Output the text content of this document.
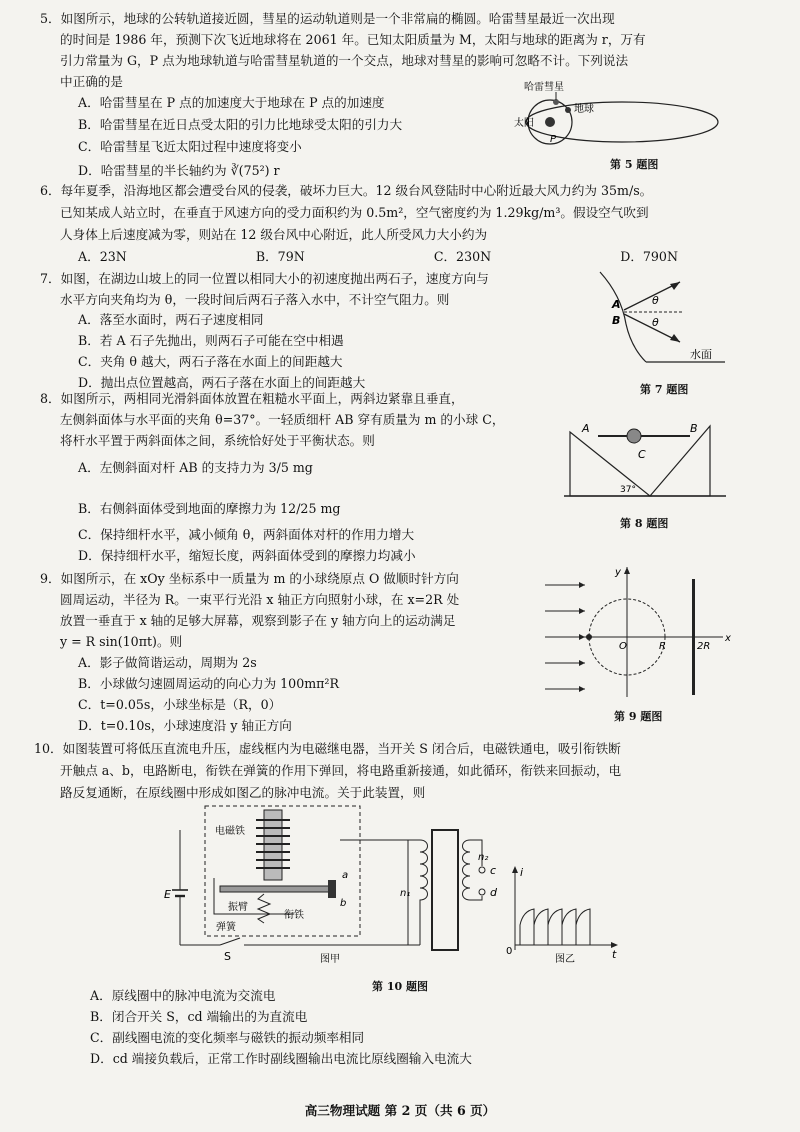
5．如图所示，地球的公转轨道接近圆，彗星的运动轨道则是一个非常扁的椭圆。哈雷彗星最近一次出现
的时间是 1986 年，预测下次飞近地球将在 2061 年。已知太阳质量为 M，太阳与地球的距离为 r，万有
引力常量为 G，P 点为地球轨道与哈雷彗星轨道的一个交点，地球对彗星的影响可忽略不计。下列说法
中正确的是
A．哈雷彗星在 P 点的加速度大于地球在 P 点的加速度
B．哈雷彗星在近日点受太阳的引力比地球受太阳的引力大
C．哈雷彗星飞近太阳过程中速度将变小
D．哈雷彗星的半长轴约为 ∛(75²) r
哈雷彗星
地球
太阳
P
第 5 题图
6．每年夏季，沿海地区都会遭受台风的侵袭，破坏力巨大。12 级台风登陆时中心附近最大风力约为 35m/s。
已知某成人站立时，在垂直于风速方向的受力面积约为 0.5m²，空气密度约为 1.29kg/m³。假设空气吹到
人身体上后速度减为零，则站在 12 级台风中心附近，此人所受风力大小约为
A．23N	B．79N	C．230N	D．790N
7．如图，在湖边山坡上的同一位置以相同大小的初速度抛出两石子，速度方向与
水平方向夹角均为 θ，一段时间后两石子落入水中，不计空气阻力。则
A．落至水面时，两石子速度相同
B．若 A 石子先抛出，则两石子可能在空中相遇
C．夹角 θ 越大，两石子落在水面上的间距越大
D．抛出点位置越高，两石子落在水面上的间距越大
A
B
θ
θ
水面
第 7 题图
8．如图所示，两相同光滑斜面体放置在粗糙水平面上，两斜边紧靠且垂直，
左侧斜面体与水平面的夹角 θ=37°。一轻质细杆 AB 穿有质量为 m 的小球 C，
将杆水平置于两斜面体之间，系统恰好处于平衡状态。则
A．左侧斜面对杆 AB 的支持力为 3/5 mg
B．右侧斜面体受到地面的摩擦力为 12/25 mg
C．保持细杆水平，减小倾角 θ，两斜面体对杆的作用力增大
D．保持细杆水平，缩短长度，两斜面体受到的摩擦力均减小
A	B
C
37°
第 8 题图
9．如图所示，在 xOy 坐标系中一质量为 m 的小球绕原点 O 做顺时针方向
圆周运动，半径为 R。一束平行光沿 x 轴正方向照射小球，在 x=2R 处
放置一垂直于 x 轴的足够大屏幕，观察到影子在 y 轴方向上的运动满足
y = R sin(10πt)。则
A．影子做简谐运动，周期为 2s
B．小球做匀速圆周运动的向心力为 100mπ²R
C．t=0.05s，小球坐标是（R，0）
D．t=0.10s，小球速度沿 y 轴正方向
y
x
O	R	2R
第 9 题图
10．如图装置可将低压直流电升压，虚线框内为电磁继电器，当开关 S 闭合后，电磁铁通电，吸引衔铁断
开触点 a、b，电路断电，衔铁在弹簧的作用下弹回，将电路重新接通，如此循环，衔铁来回振动，电
路反复通断，在原线圈中形成如图乙的脉冲电流。关于此装置，则
电磁铁
振臂
弹簧
衔铁
E
S
a
b
n₁
n₂
c
d
图甲
i
t
0
图乙
第 10 题图
A．原线圈中的脉冲电流为交流电
B．闭合开关 S，cd 端输出的为直流电
C．副线圈电流的变化频率与磁铁的振动频率相同
D．cd 端接负载后，正常工作时副线圈输出电流比原线圈输入电流大
高三物理试题 第 2 页（共 6 页）
